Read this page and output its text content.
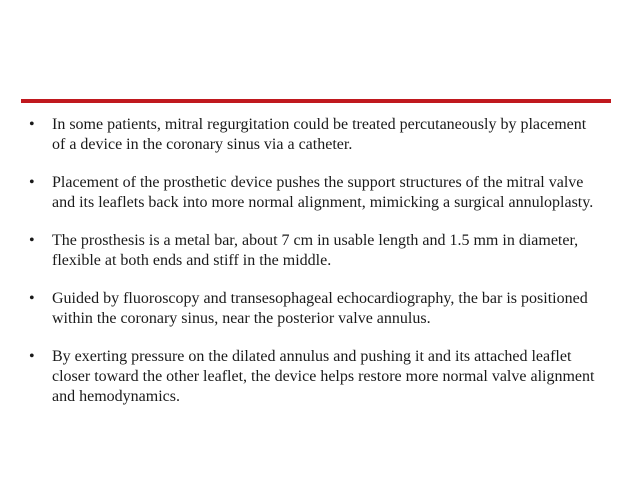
•	In some patients, mitral regurgitation could be treated percutaneously by placement of a device in the coronary sinus via a catheter.
•	Placement of the prosthetic device pushes the support structures of the mitral valve and its leaflets back into more normal alignment, mimicking a surgical annuloplasty.
•	The prosthesis is a metal bar, about 7 cm in usable length and 1.5 mm in diameter, flexible at both ends and stiff in the middle.
•	Guided by fluoroscopy and transesophageal echocardiography, the bar is positioned within the coronary sinus, near the posterior valve annulus.
•	By exerting pressure on the dilated annulus and pushing it and its attached leaflet closer toward the other leaflet, the device helps restore more normal valve alignment and hemodynamics.
